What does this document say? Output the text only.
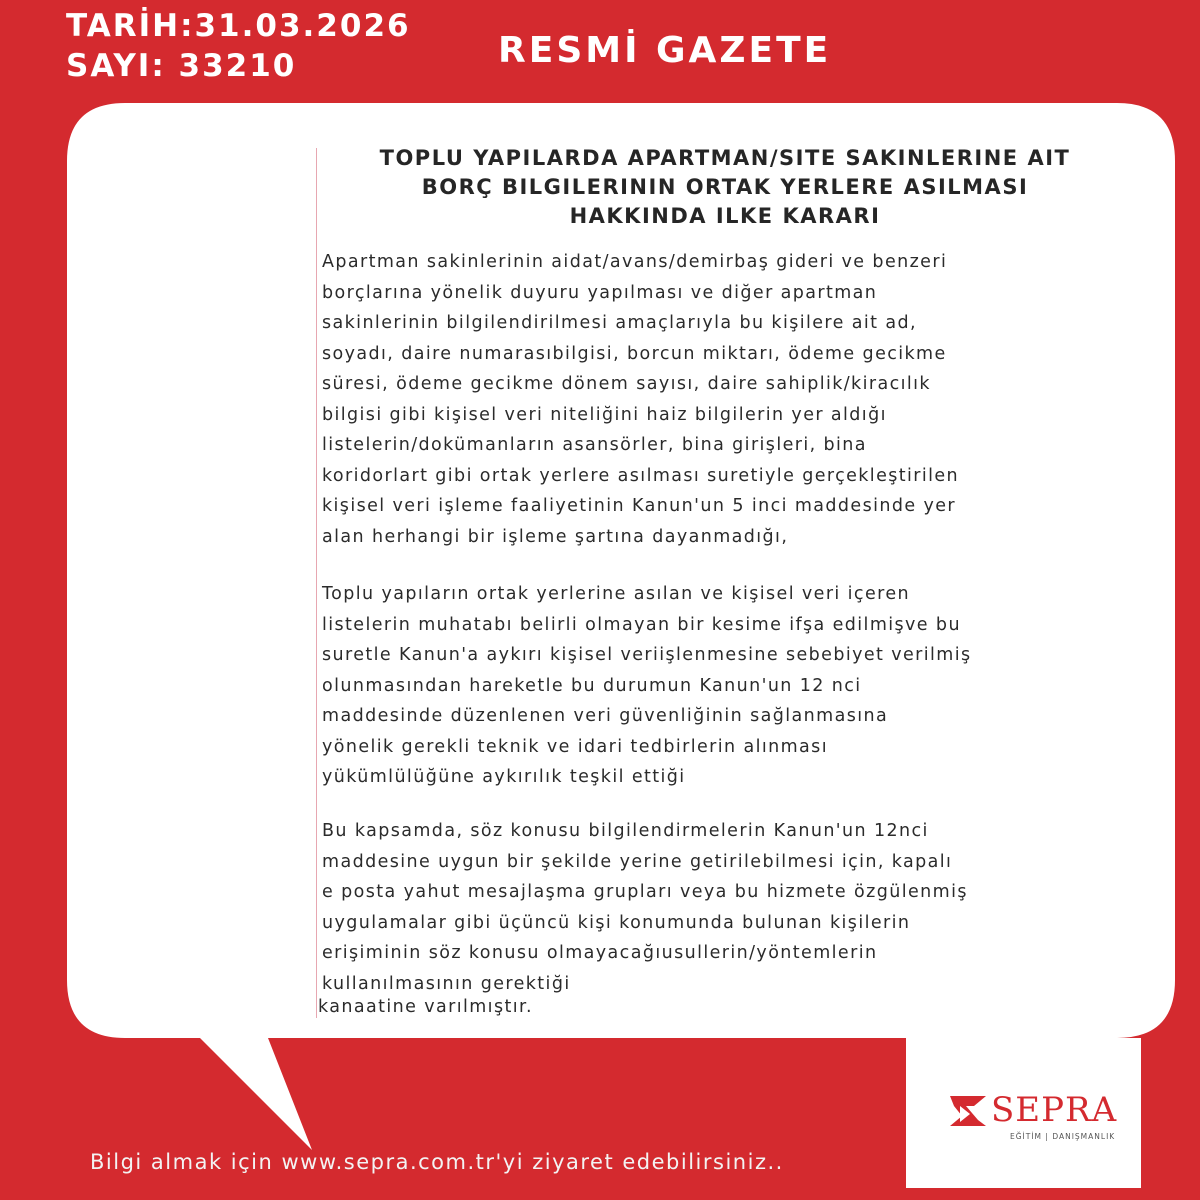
TARİH:31.03.2026
SAYI: 33210	RESMİ GAZETE
TOPLU YAPILARDA APARTMAN/SITE SAKINLERINE AIT
BORÇ BILGILERININ ORTAK YERLERE ASILMASI
HAKKINDA ILKE KARARI

Apartman sakinlerinin aidat/avans/demirbaş gideri ve benzeri
borçlarına yönelik duyuru yapılması ve diğer apartman
sakinlerinin bilgilendirilmesi amaçlarıyla bu kişilere ait ad,
soyadı, daire numarasıbilgisi, borcun miktarı, ödeme gecikme
süresi, ödeme gecikme dönem sayısı, daire sahiplik/kiracılık
bilgisi gibi kişisel veri niteliğini haiz bilgilerin yer aldığı
listelerin/dokümanların asansörler, bina girişleri, bina
koridorlart gibi ortak yerlere asılması suretiyle gerçekleştirilen
kişisel veri işleme faaliyetinin Kanun'un 5 inci maddesinde yer
alan herhangi bir işleme şartına dayanmadığı,

Toplu yapıların ortak yerlerine asılan ve kişisel veri içeren
listelerin muhatabı belirli olmayan bir kesime ifşa edilmişve bu
suretle Kanun'a aykırı kişisel veriişlenmesine sebebiyet verilmiş
olunmasından hareketle bu durumun Kanun'un 12 nci
maddesinde düzenlenen veri güvenliğinin sağlanmasına
yönelik gerekli teknik ve idari tedbirlerin alınması
yükümlülüğüne aykırılık teşkil ettiği

Bu kapsamda, söz konusu bilgilendirmelerin Kanun'un 12nci
maddesine uygun bir şekilde yerine getirilebilmesi için, kapalı
e posta yahut mesajlaşma grupları veya bu hizmete özgülenmiş
uygulamalar gibi üçüncü kişi konumunda bulunan kişilerin
erişiminin söz konusu olmayacağıusullerin/yöntemlerin
kullanılmasının gerektiği

kanaatine varılmıştır.
SEPRA
EĞİTİM | DANIŞMANLIK
Bilgi almak için www.sepra.com.tr'yi ziyaret edebilirsiniz..
